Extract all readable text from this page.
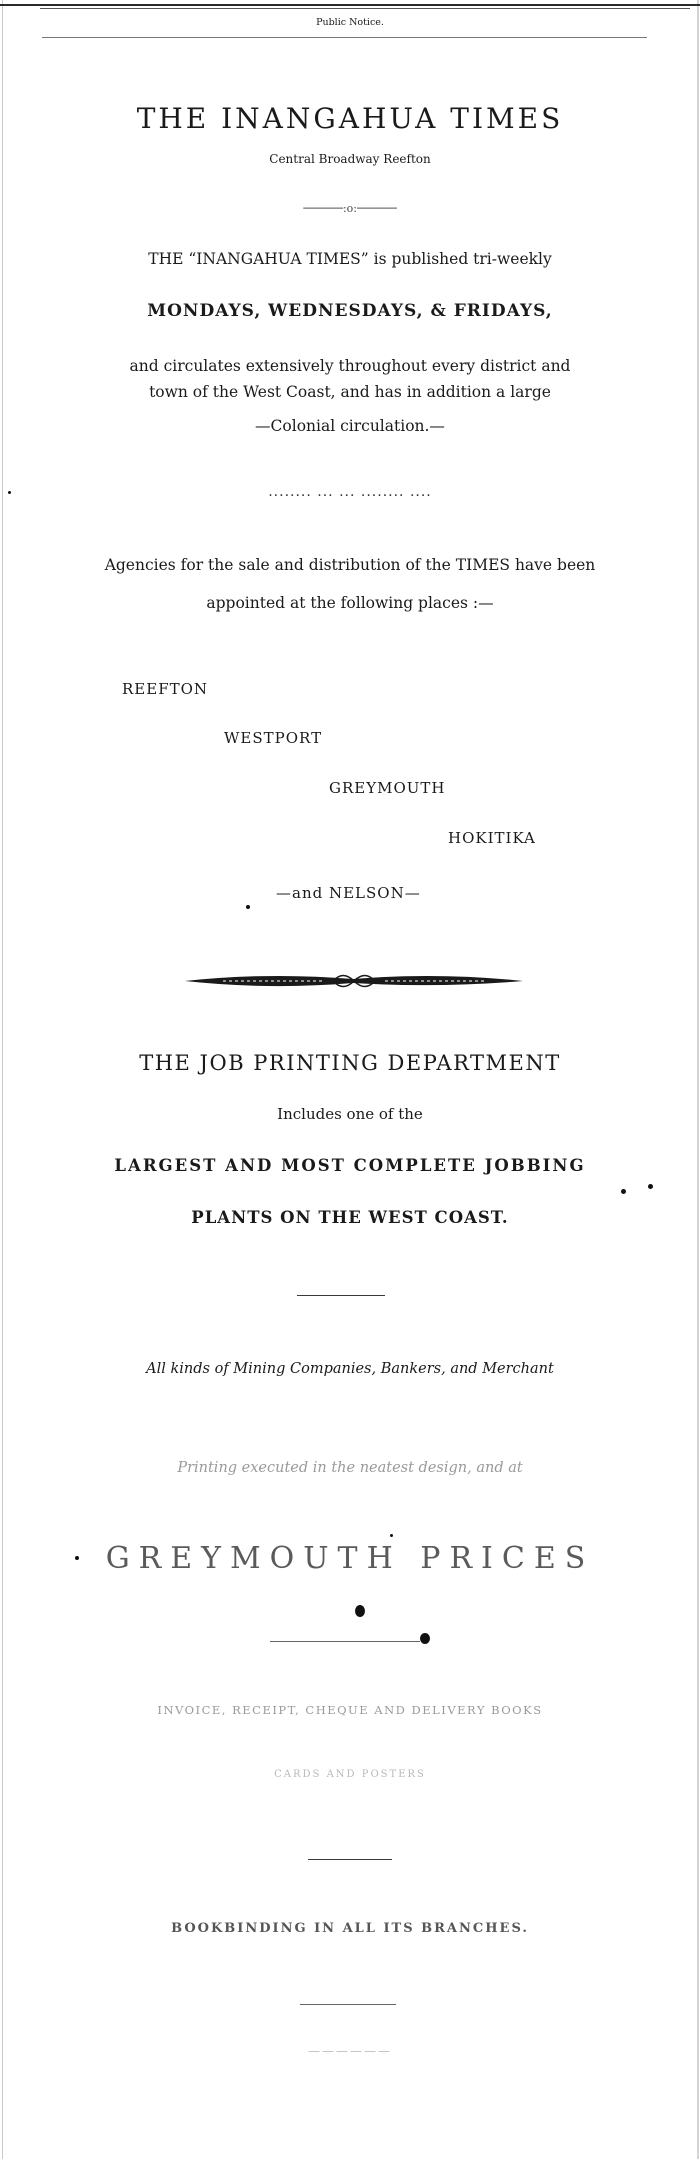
Public Notice.
THE INANGAHUA TIMES
Central Broadway Reefton
──────:o:──────
THE “INANGAHUA TIMES” is published tri-weekly
MONDAYS, WEDNESDAYS, & FRIDAYS,
and circulates extensively throughout every district and
town of the West Coast, and has in addition a large
—Colonial circulation.—
........ ... ... ........ ....
Agencies for the sale and distribution of the TIMES have been
appointed at the following places :—
REEFTON
WESTPORT
GREYMOUTH
HOKITIKA
—and NELSON—
THE JOB PRINTING DEPARTMENT
Includes one of the
LARGEST AND MOST COMPLETE JOBBING
PLANTS ON THE WEST COAST.
All kinds of Mining Companies, Bankers, and Merchant
Printing executed in the neatest design, and at
GREYMOUTH PRICES
INVOICE, RECEIPT, CHEQUE AND DELIVERY BOOKS
CARDS AND POSTERS
BOOKBINDING IN ALL ITS BRANCHES.
——————
